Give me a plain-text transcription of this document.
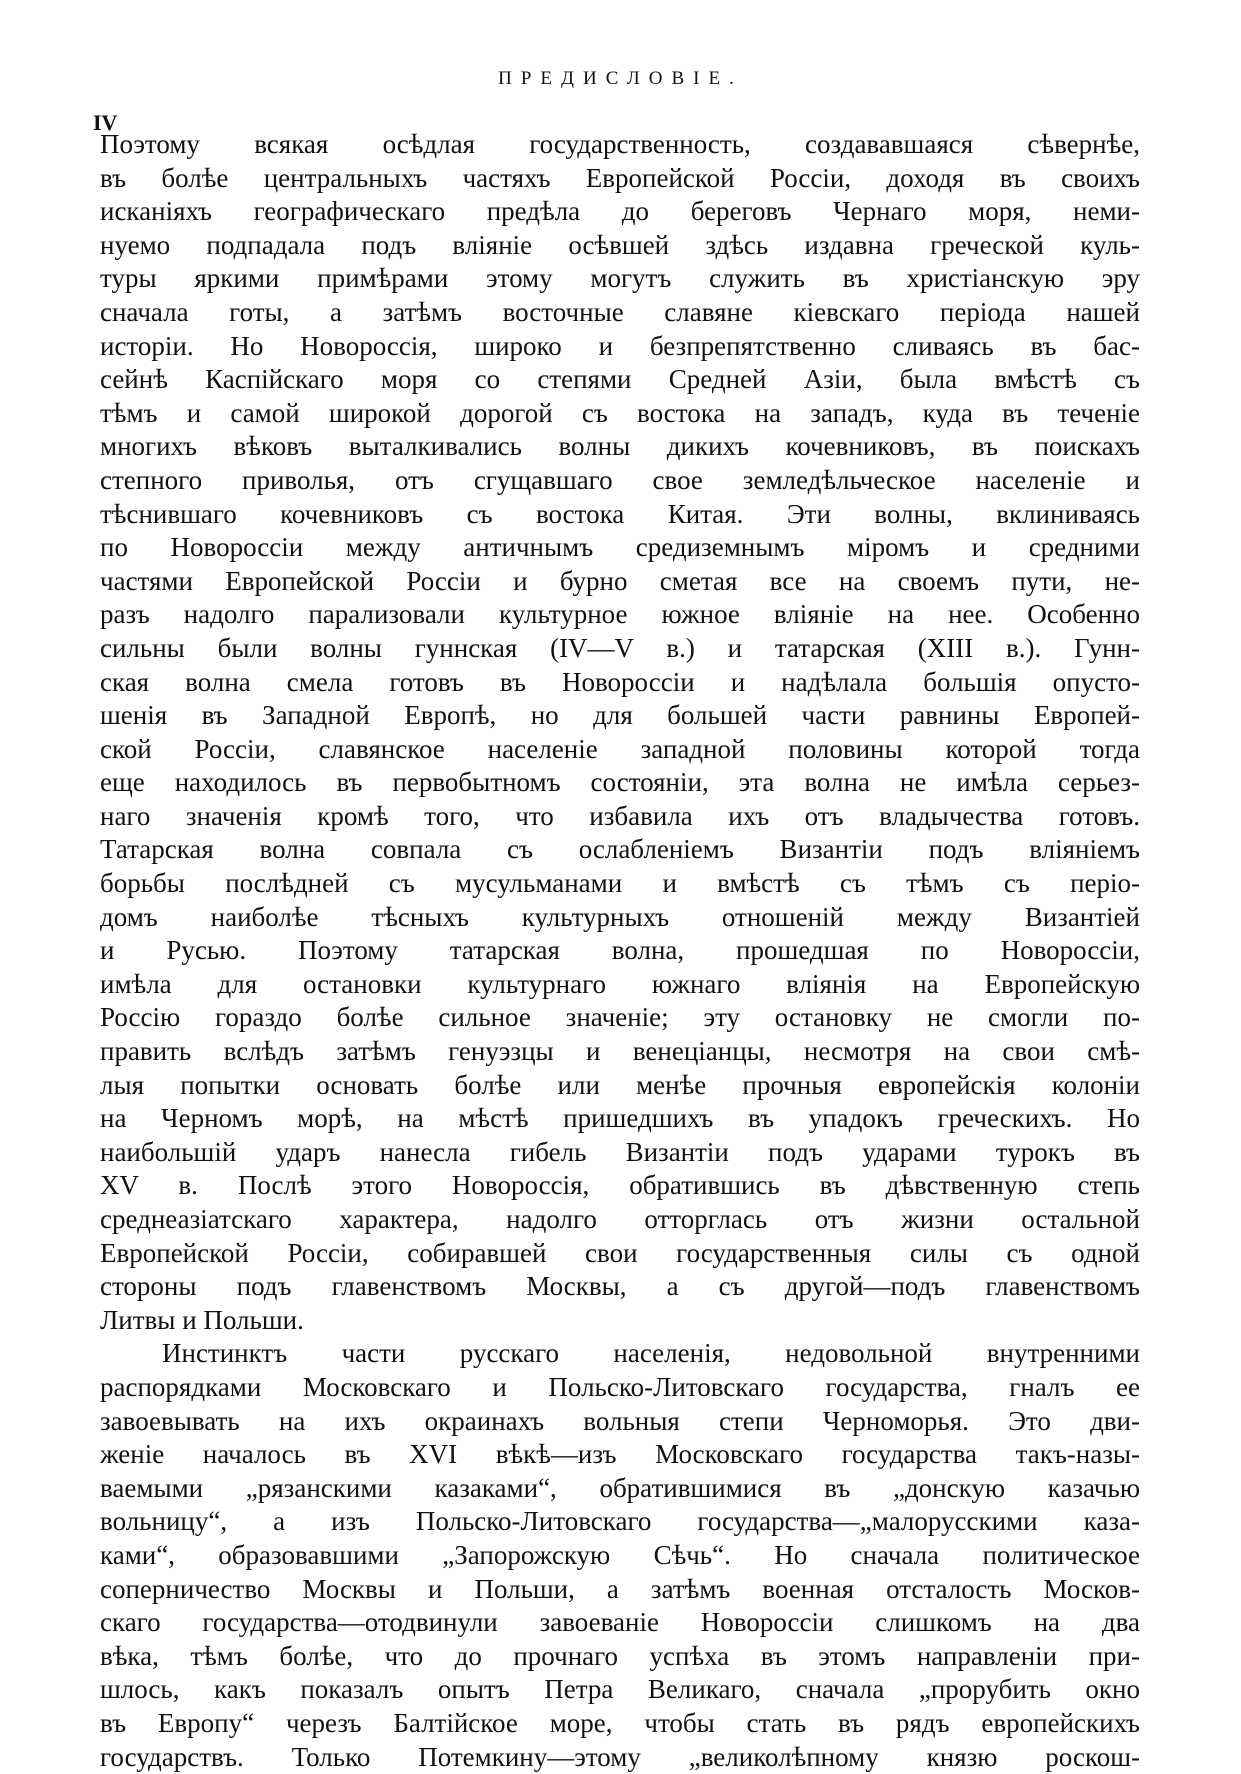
ПРЕДИСЛОВІЕ.
IV
Поэтому всякая осѣдлая государственность, создававшаяся сѣвернѣе,
въ болѣе центральныхъ частяхъ Европейской Россіи, доходя въ своихъ
исканіяхъ географическаго предѣла до береговъ Чернаго моря, неми-
нуемо подпадала подъ вліяніе осѣвшей здѣсь издавна греческой куль-
туры яркими примѣрами этому могутъ служить въ христіанскую эру
сначала готы, а затѣмъ восточные славяне кіевскаго періода нашей
исторіи. Но Новороссія, широко и безпрепятственно сливаясь въ бас-
сейнѣ Каспійскаго моря со степями Средней Азіи, была вмѣстѣ съ
тѣмъ и самой широкой дорогой съ востока на западъ, куда въ теченіе
многихъ вѣковъ выталкивались волны дикихъ кочевниковъ, въ поискахъ
степного приволья, отъ сгущавшаго свое земледѣльческое населеніе и
тѣснившаго кочевниковъ съ востока Китая. Эти волны, вклиниваясь
по Новороссіи между античнымъ средиземнымъ міромъ и средними
частями Европейской Россіи и бурно сметая все на своемъ пути, не-
разъ надолго парализовали культурное южное вліяніе на нее. Особенно
сильны были волны гуннская (IV—V в.) и татарская (XIII в.). Гунн-
ская волна смела готовъ въ Новороссіи и надѣлала большія опусто-
шенія въ Западной Европѣ, но для большей части равнины Европей-
ской Россіи, славянское населеніе западной половины которой тогда
еще находилось въ первобытномъ состояніи, эта волна не имѣла серьез-
наго значенія кромѣ того, что избавила ихъ отъ владычества готовъ.
Татарская волна совпала съ ослабленіемъ Византіи подъ вліяніемъ
борьбы послѣдней съ мусульманами и вмѣстѣ съ тѣмъ съ періо-
домъ наиболѣе тѣсныхъ культурныхъ отношеній между Византіей
и Русью. Поэтому татарская волна, прошедшая по Новороссіи,
имѣла для остановки культурнаго южнаго вліянія на Европейскую
Россію гораздо болѣе сильное значеніе; эту остановку не смогли по-
править вслѣдъ затѣмъ генуэзцы и венеціанцы, несмотря на свои смѣ-
лыя попытки основать болѣе или менѣе прочныя европейскія колоніи
на Черномъ морѣ, на мѣстѣ пришедшихъ въ упадокъ греческихъ. Но
наибольшій ударъ нанесла гибель Византіи подъ ударами турокъ въ
XV в. Послѣ этого Новороссія, обратившись въ дѣвственную степь
среднеазіатскаго характера, надолго отторглась отъ жизни остальной
Европейской Россіи, собиравшей свои государственныя силы съ одной
стороны подъ главенствомъ Москвы, а съ другой—подъ главенствомъ
Литвы и Польши.
Инстинктъ части русскаго населенія, недовольной внутренними
распорядками Московскаго и Польско-Литовскаго государства, гналъ ее
завоевывать на ихъ окраинахъ вольныя степи Черноморья. Это дви-
женіе началось въ XVI вѣкѣ—изъ Московскаго государства такъ-назы-
ваемыми „рязанскими казаками“, обратившимися въ „донскую казачью
вольницу“, а изъ Польско-Литовскаго государства—„малорусскими каза-
ками“, образовавшими „Запорожскую Сѣчь“. Но сначала политическое
соперничество Москвы и Польши, а затѣмъ военная отсталость Москов-
скаго государства—отодвинули завоеваніе Новороссіи слишкомъ на два
вѣка, тѣмъ болѣе, что до прочнаго успѣха въ этомъ направленіи при-
шлось, какъ показалъ опытъ Петра Великаго, сначала „прорубить окно
въ Европу“ черезъ Балтійское море, чтобы стать въ рядъ европейскихъ
государствъ. Только Потемкину—этому „великолѣпному князю роскош-
